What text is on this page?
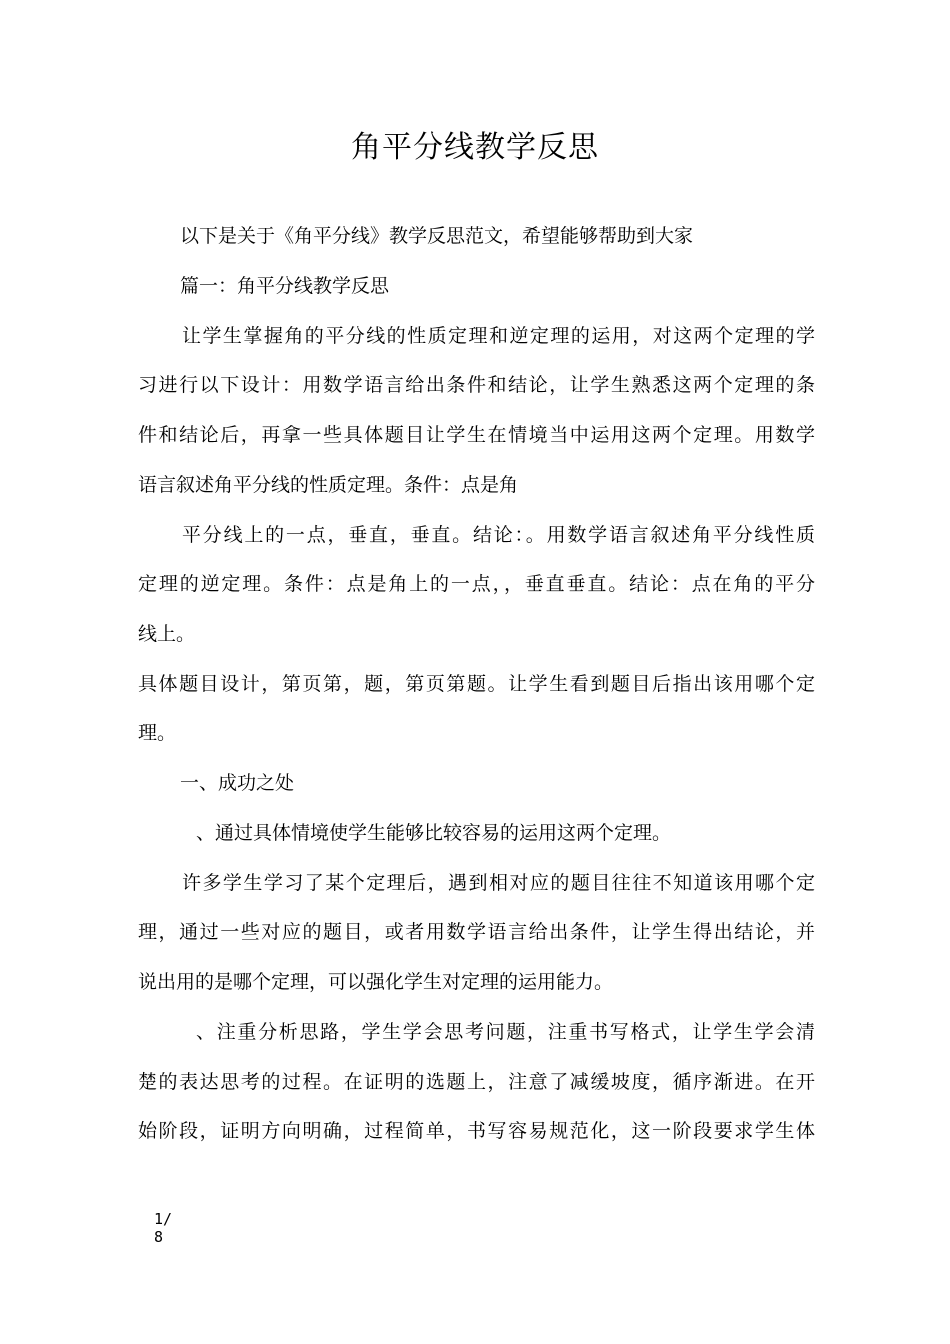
角平分线教学反思
以下是关于《角平分线》教学反思范文，希望能够帮助到大家
篇一：角平分线教学反思
让学生掌握角的平分线的性质定理和逆定理的运用，对这两个定理的学
习进行以下设计：用数学语言给出条件和结论，让学生熟悉这两个定理的条
件和结论后，再拿一些具体题目让学生在情境当中运用这两个定理。用数学
语言叙述角平分线的性质定理。条件：点是角
平分线上的一点，垂直，垂直。结论：。用数学语言叙述角平分线性质
定理的逆定理。条件：点是角上的一点，，垂直垂直。结论：点在角的平分
线上。
具体题目设计，第页第，题，第页第题。让学生看到题目后指出该用哪个定
理。
一、成功之处
、通过具体情境使学生能够比较容易的运用这两个定理。
许多学生学习了某个定理后，遇到相对应的题目往往不知道该用哪个定
理，通过一些对应的题目，或者用数学语言给出条件，让学生得出结论，并
说出用的是哪个定理，可以强化学生对定理的运用能力。
、注重分析思路，学生学会思考问题，注重书写格式，让学生学会清
楚的表达思考的过程。在证明的选题上，注意了减缓坡度，循序渐进。在开
始阶段，证明方向明确，过程简单，书写容易规范化，这一阶段要求学生体
1/
8
